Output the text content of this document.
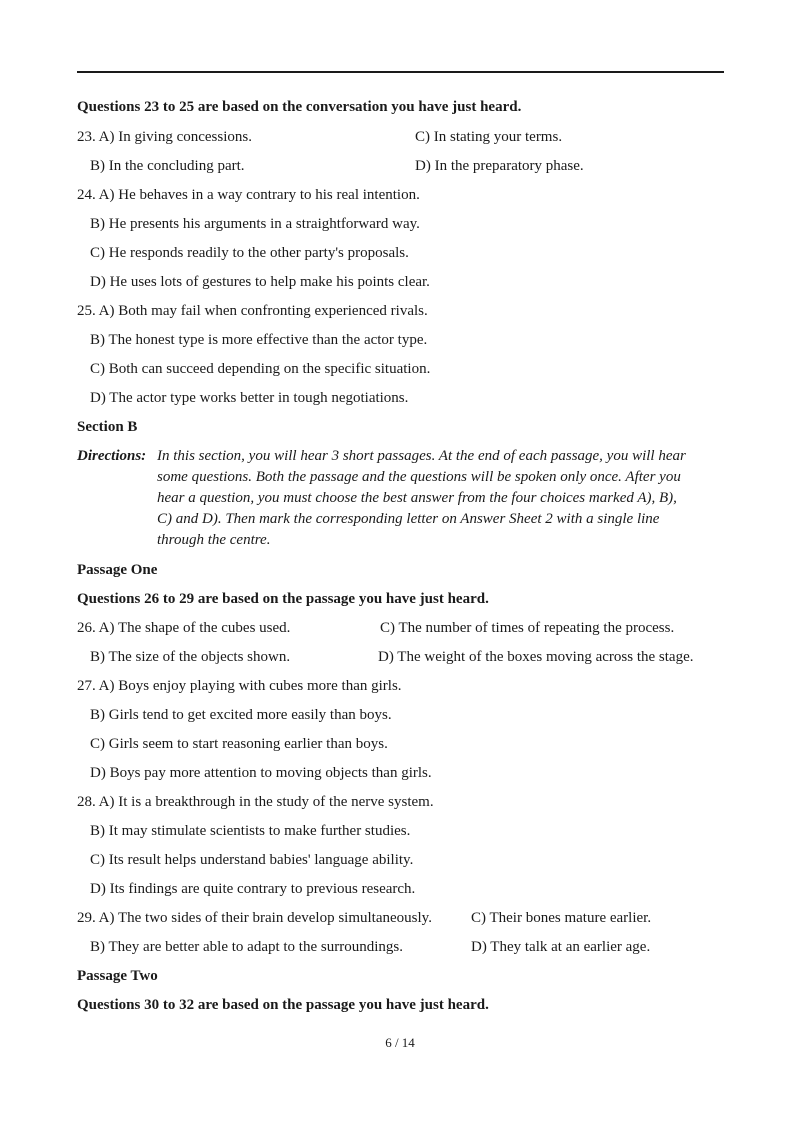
Questions 23 to 25 are based on the conversation you have just heard.
23. A) In giving concessions.	C) In stating your terms.
B) In the concluding part.	D) In the preparatory phase.
24. A) He behaves in a way contrary to his real intention.
B) He presents his arguments in a straightforward way.
C) He responds readily to the other party's proposals.
D) He uses lots of gestures to help make his points clear.
25. A) Both may fail when confronting experienced rivals.
B) The honest type is more effective than the actor type.
C) Both can succeed depending on the specific situation.
D) The actor type works better in tough negotiations.
Section B
Directions: In this section, you will hear 3 short passages. At the end of each passage, you will hear
some questions. Both the passage and the questions will be spoken only once. After you
hear a question, you must choose the best answer from the four choices marked A), B),
C) and D). Then mark the corresponding letter on Answer Sheet 2 with a single line
through the centre.
Passage One
Questions 26 to 29 are based on the passage you have just heard.
26. A) The shape of the cubes used.	C) The number of times of repeating the process.
B) The size of the objects shown.	D) The weight of the boxes moving across the stage.
27. A) Boys enjoy playing with cubes more than girls.
B) Girls tend to get excited more easily than boys.
C) Girls seem to start reasoning earlier than boys.
D) Boys pay more attention to moving objects than girls.
28. A) It is a breakthrough in the study of the nerve system.
B) It may stimulate scientists to make further studies.
C) Its result helps understand babies' language ability.
D) Its findings are quite contrary to previous research.
29. A) The two sides of their brain develop simultaneously.	C) Their bones mature earlier.
B) They are better able to adapt to the surroundings.	D) They talk at an earlier age.
Passage Two
Questions 30 to 32 are based on the passage you have just heard.
6 / 14
